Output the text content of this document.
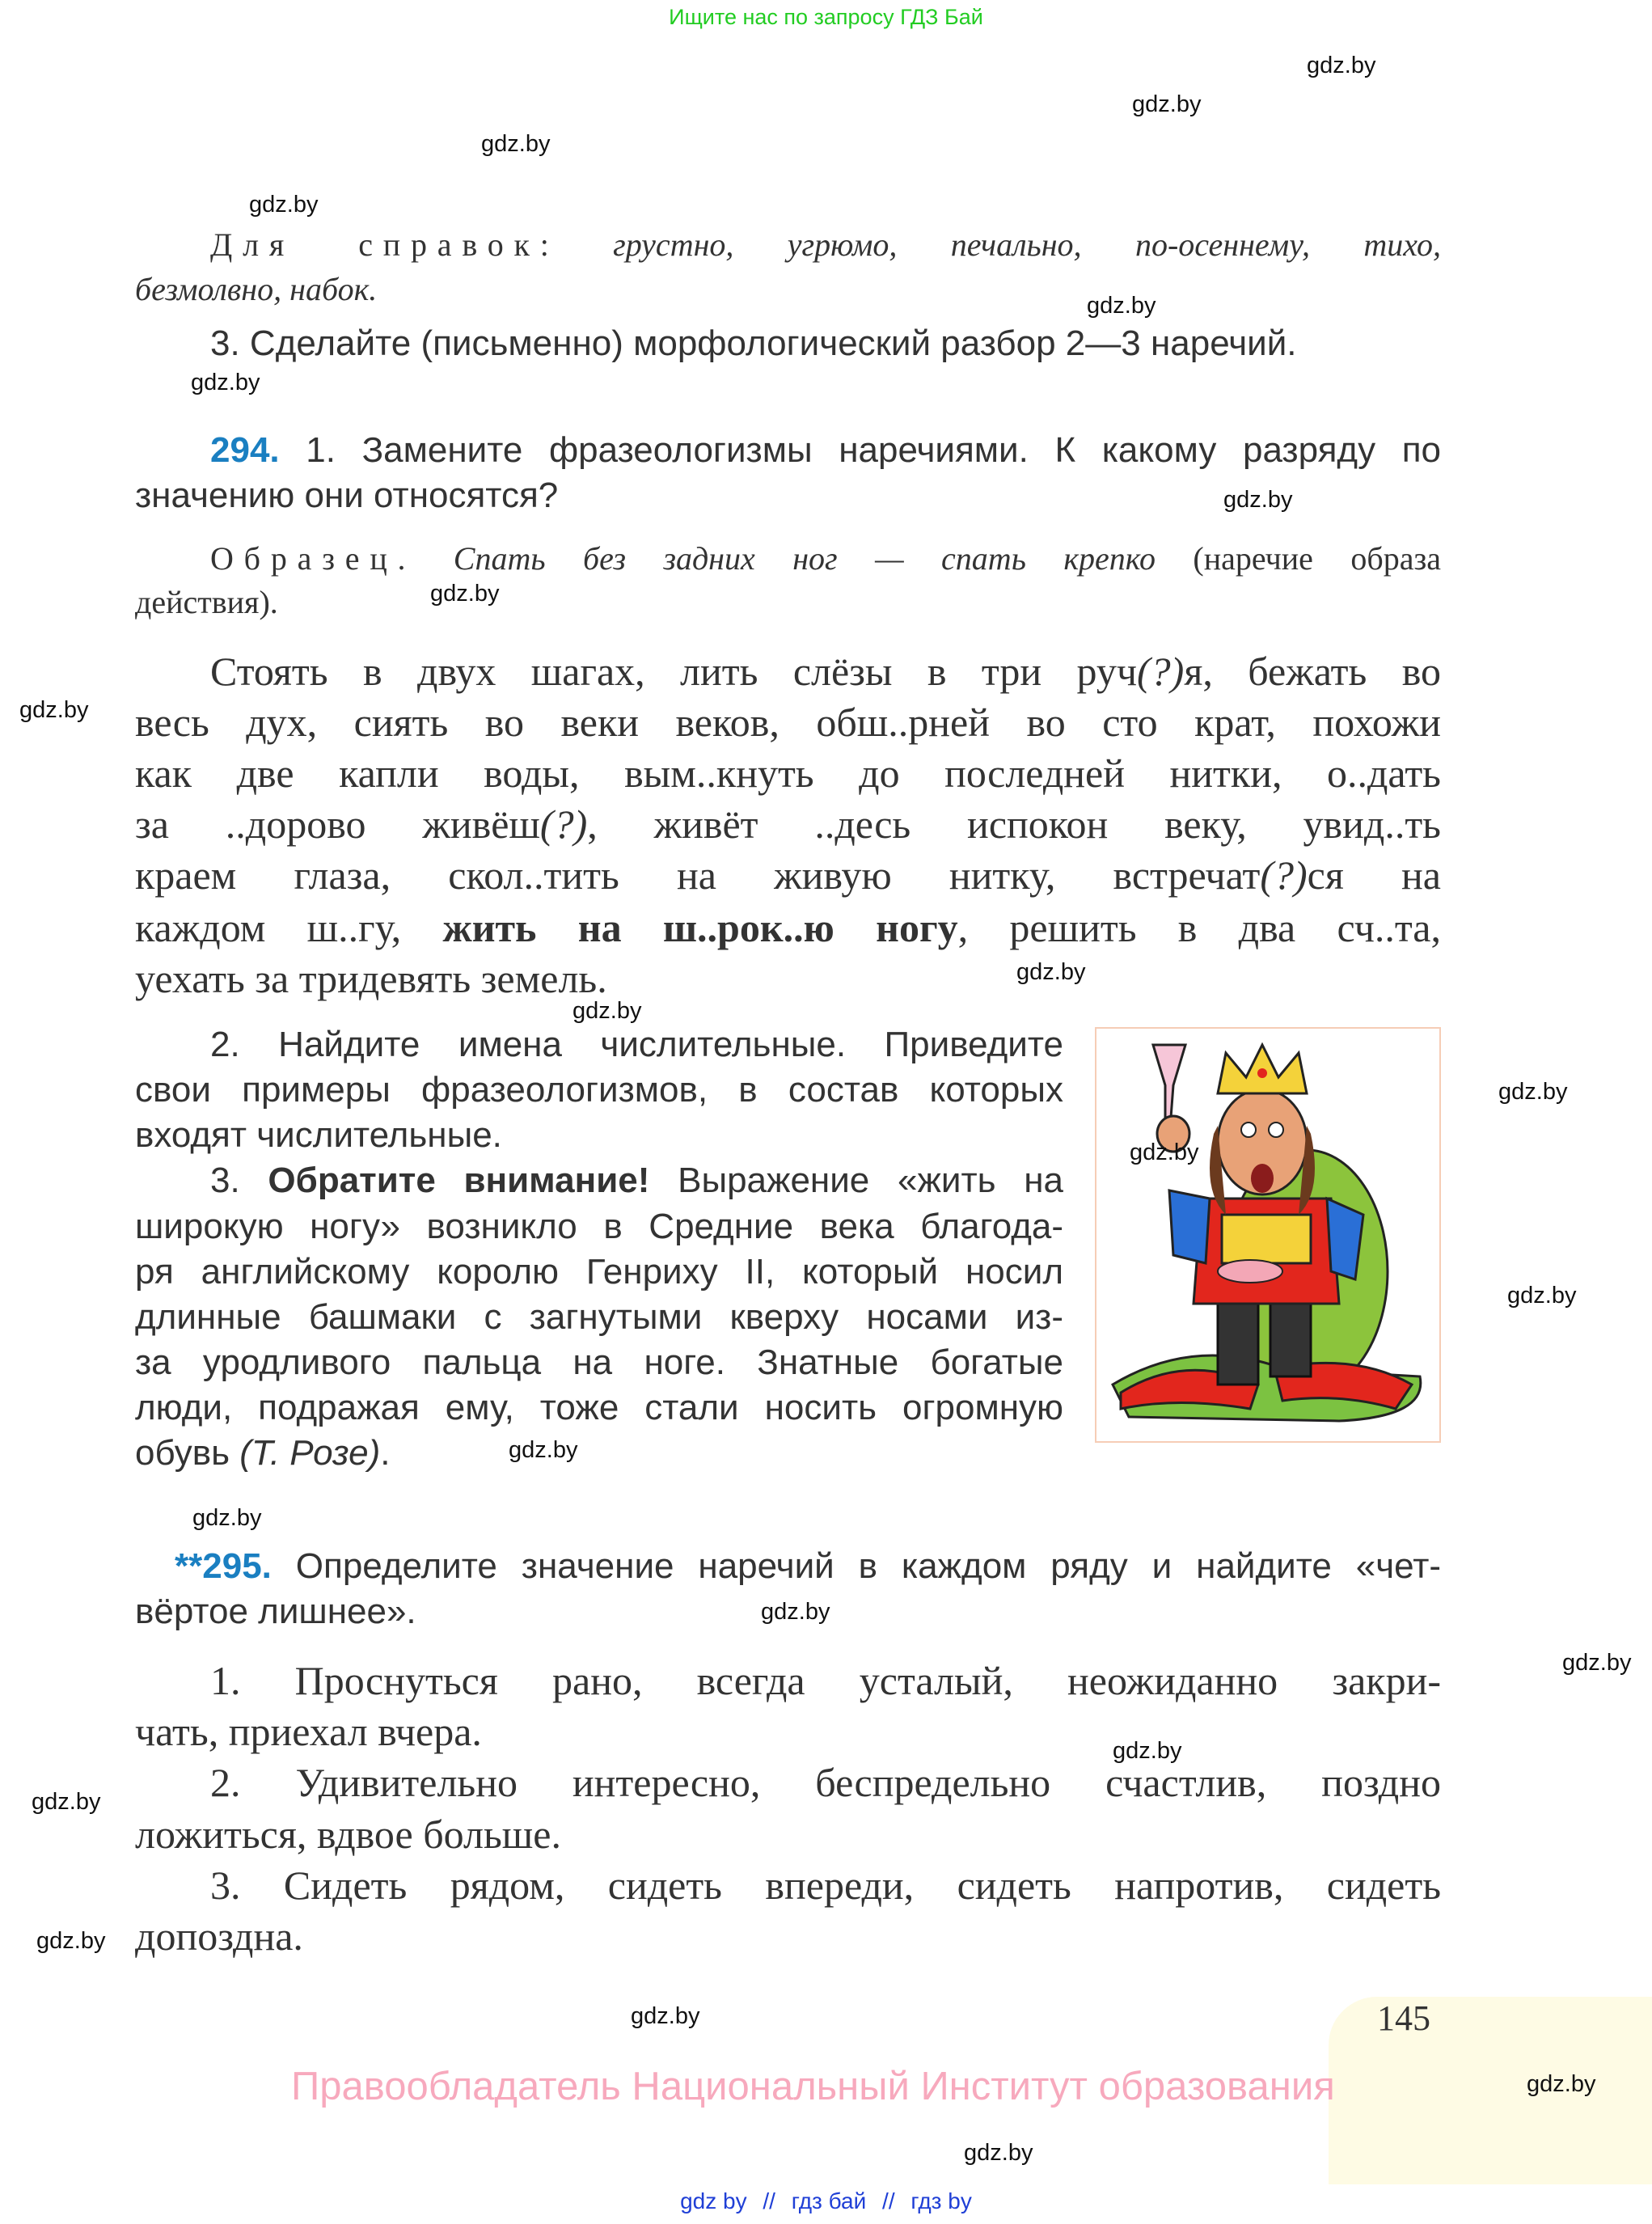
Ищите нас по запросу ГДЗ Бай
Для справок: грустно, угрюмо, печально, по-осеннему, тихо,
безмолвно, набок.
3. Сделайте (письменно) морфологический разбор 2—3 наречий.
294. 1. Замените фразеологизмы наречиями. К какому разряду по
значению они относятся?
Образец. Спать без задних ног — спать крепко (наречие образа
действия).
Стоять в двух шагах, лить слёзы в три руч(?)я, бежать во
весь дух, сиять во веки веков, обш..рней во сто крат, похожи
как две капли воды, вым..кнуть до последней нитки, о..дать
за ..дорово живёш(?), живёт ..десь испокон веку, увид..ть
краем глаза, скол..тить на живую нитку, встречат(?)ся на
каждом ш..гу, жить на ш..рок..ю ногу, решить в два сч..та,
уехать за тридевять земель.
2. Найдите имена числительные. Приведите
свои примеры фразеологизмов, в состав которых
входят числительные.
3. Обратите внимание! Выражение «жить на
широкую ногу» возникло в Средние века благода-
ря английскому королю Генриху II, который носил
длинные башмаки с загнутыми кверху носами из-
за уродливого пальца на ноге. Знатные богатые
люди, подражая ему, тоже стали носить огромную
обувь (Т. Розе).
**295. Определите значение наречий в каждом ряду и найдите «чет-
вёртое лишнее».
1. Проснуться рано, всегда усталый, неожиданно закри-
чать, приехал вчера.
2. Удивительно интересно, беспредельно счастлив, поздно
ложиться, вдвое больше.
3. Сидеть рядом, сидеть впереди, сидеть напротив, сидеть
допоздна.
145
Правообладатель Национальный Институт образования
gdz by // гдз бай // гдз by
gdz.by
gdz.by
gdz.by
gdz.by
gdz.by
gdz.by
gdz.by
gdz.by
gdz.by
gdz.by
gdz.by
gdz.by
gdz.by
gdz.by
gdz.by
gdz.by
gdz.by
gdz.by
gdz.by
gdz.by
gdz.by
gdz.by
gdz.by
gdz.by
